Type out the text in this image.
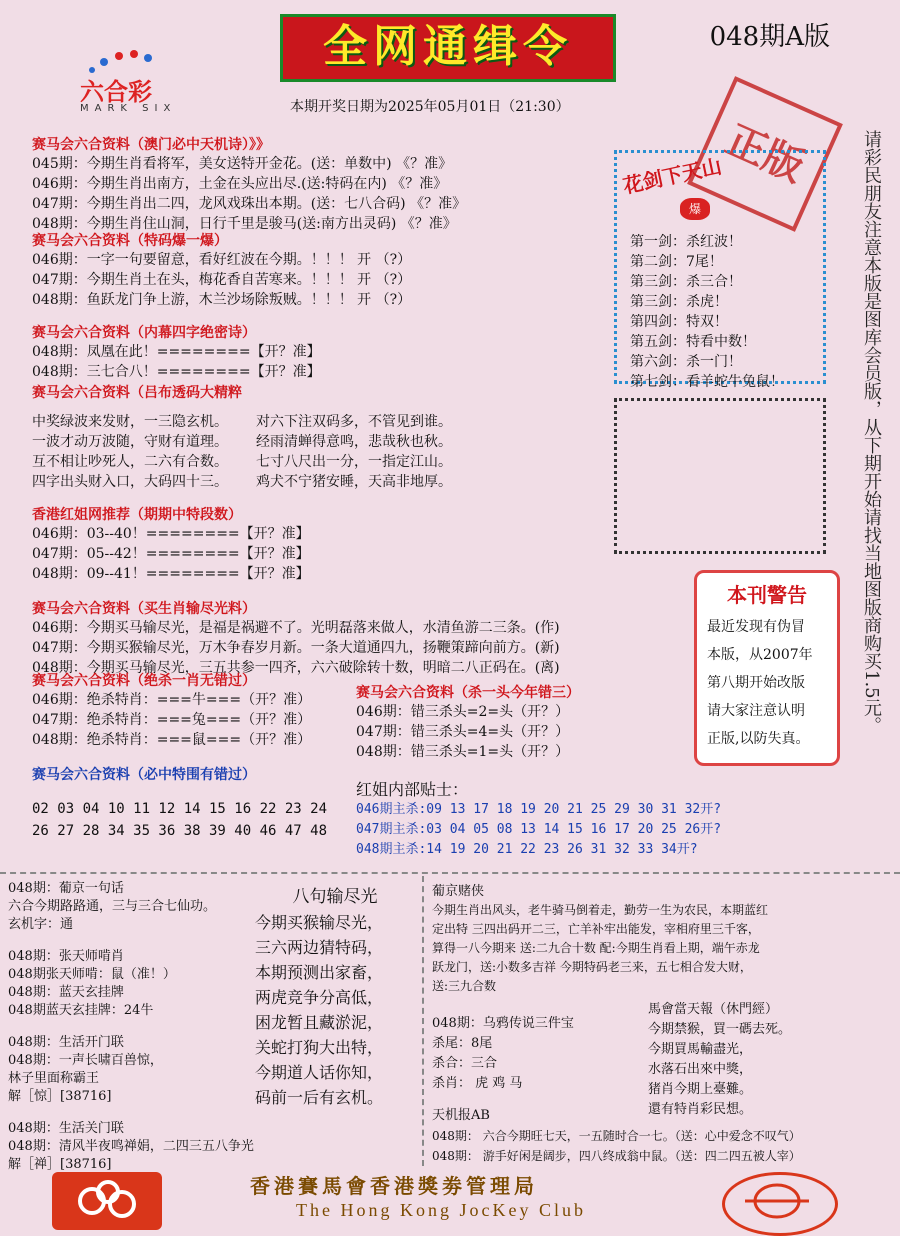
六合彩
MARK SIX
全网通缉令	048期A版
本期开奖日期为2025年05月01日（21:30）
正版
赛马会六合资料（澳门必中天机诗）》》
045期：今期生肖看将军，美女送特开金花。(送：单数中) 《？准》
046期：今期生肖出南方，土金在头应出尽.(送:特码在内) 《？准》
047期：今期生肖出二四，龙风戏珠出本期。(送：七八合码) 《？准》
048期：今期生肖住山洞，日行千里是骏马(送:南方出灵码) 《？准》
赛马会六合资料（特码爆一爆）
046期：一字一句要留意，看好红波在今期。！！！ 开 （?）
047期：今期生肖土在头，梅花香自苦寒来。！！！ 开 （?）
048期：鱼跃龙门争上游，木兰沙场除叛贼。！！！ 开 （?）
赛马会六合资料（内幕四字绝密诗）
048期：凤凰在此！========【开？准】
048期：三七合八！========【开？准】
赛马会六合资料（吕布透码大精粹
中奖绿波来发财，一三隐玄机。
一波才动万波随，守财有道理。
互不相让吵死人，二六有合数。
四字出头财入口，大码四十三。
对六下注双码多，不管见到谁。
经雨清蝉得意鸣，悲哉秋也秋。
七寸八尺出一分，一指定江山。
鸡犬不宁猪安睡，天高非地厚。
香港红姐网推荐（期期中特段数）
046期：03--40！========【开？准】
047期：05--42！========【开？准】
048期：09--41！========【开？准】
赛马会六合资料（买生肖输尽光料）
046期：今期买马输尽光，是福是祸避不了。光明磊落来做人，水清鱼游二三条。(作)
047期：今期买猴输尽光，万木争春岁月新。一条大道通四九，扬鞭策蹄向前方。(新)
048期：今期买马输尽光，三五共参一四齐，六六破除转十数，明暗二八正码在。(离)
赛马会六合资料（绝杀一肖无错过）
046期：绝杀特肖：===牛===（开？准）
047期：绝杀特肖：===兔===（开？准）
048期：绝杀特肖：===鼠===（开？准）
赛马会六合资料（杀一头今年错三）
046期：错三杀头=2=头（开？）
047期：错三杀头=4=头（开？）
048期：错三杀头=1=头（开？）
赛马会六合资料（必中特围有错过）
02 03 04 10 11 12 14 15 16 22 23 24
26 27 28 34 35 36 38 39 40 46 47 48
红姐内部贴士：
046期主杀:09 13 17 18 19 20 21 25 29 30 31 32开?
047期主杀:03 04 05 08 13 14 15 16 17 20 25 26开?
048期主杀:14 19 20 21 22 23 26 31 32 33 34开?
花剑下天山
爆
第一剑：杀红波！
第二剑：7尾！
第三剑：杀三合！
第三剑：杀虎！
第四剑：特双！
第五剑：特看中数！
第六剑：杀一门！
第七剑：看羊蛇牛兔鼠！	请彩民朋友注意本版是图库会员版，从下期开始请找当地图版商购买1.5元。
本刊警告
最近发现有伪冒
本版，从2007年
第八期开始改版
请大家注意认明
正版,以防失真。
048期：葡京一句话
六合今期路路通，三与三合七仙功。
玄机字：通
048期：张天师啃肖
048期张天师啃：鼠（准！）
048期：蓝天玄挂牌
048期蓝天玄挂牌：24牛
048期：生活开门联
048期：一声长啸百兽惊，
林子里面称霸王
解［惊］[38716]
048期：生活关门联
048期：清风半夜鸣禅娟，二四三五八争光
解［禅］[38716]
八句输尽光
今期买猴输尽光，
三六两边猜特码，
本期预测出家畜，
两虎竞争分高低，
困龙暂且藏淤泥，
关蛇打狗大出特，
今期道人话你知，
码前一后有玄机。
葡京赌侠
今期生肖出风头，老牛骑马倒着走，勤劳一生为农民，本期蓝红
定出特 三四出码开二三，亡羊补牢出能发，宰相府里三千客，
算得一八今期来 送:二九合十数 配:今期生肖看上期，端午赤龙
跃龙门，送:小数多吉祥 今期特码老三来，五七相合发大财，
送:三九合数
048期：乌鸦传说三件宝
杀尾：8尾
杀合：三合
杀肖： 虎 鸡 马
馬會當天報（休門經）
今期禁猴，買一碼去死。
今期買馬輸盡光，
水落石出來中獎，
猪肖今期上臺難。
還有特肖彩民想。
天机报AB
048期： 六合今期旺七天，一五随时合一七。（送：心中爱念不叹气）
048期： 游手好闲是阔步，四八终成翁中鼠。（送：四二四五被人宰）
香港賽馬會香港獎劵管理局
The Hong Kong JocKey Club
